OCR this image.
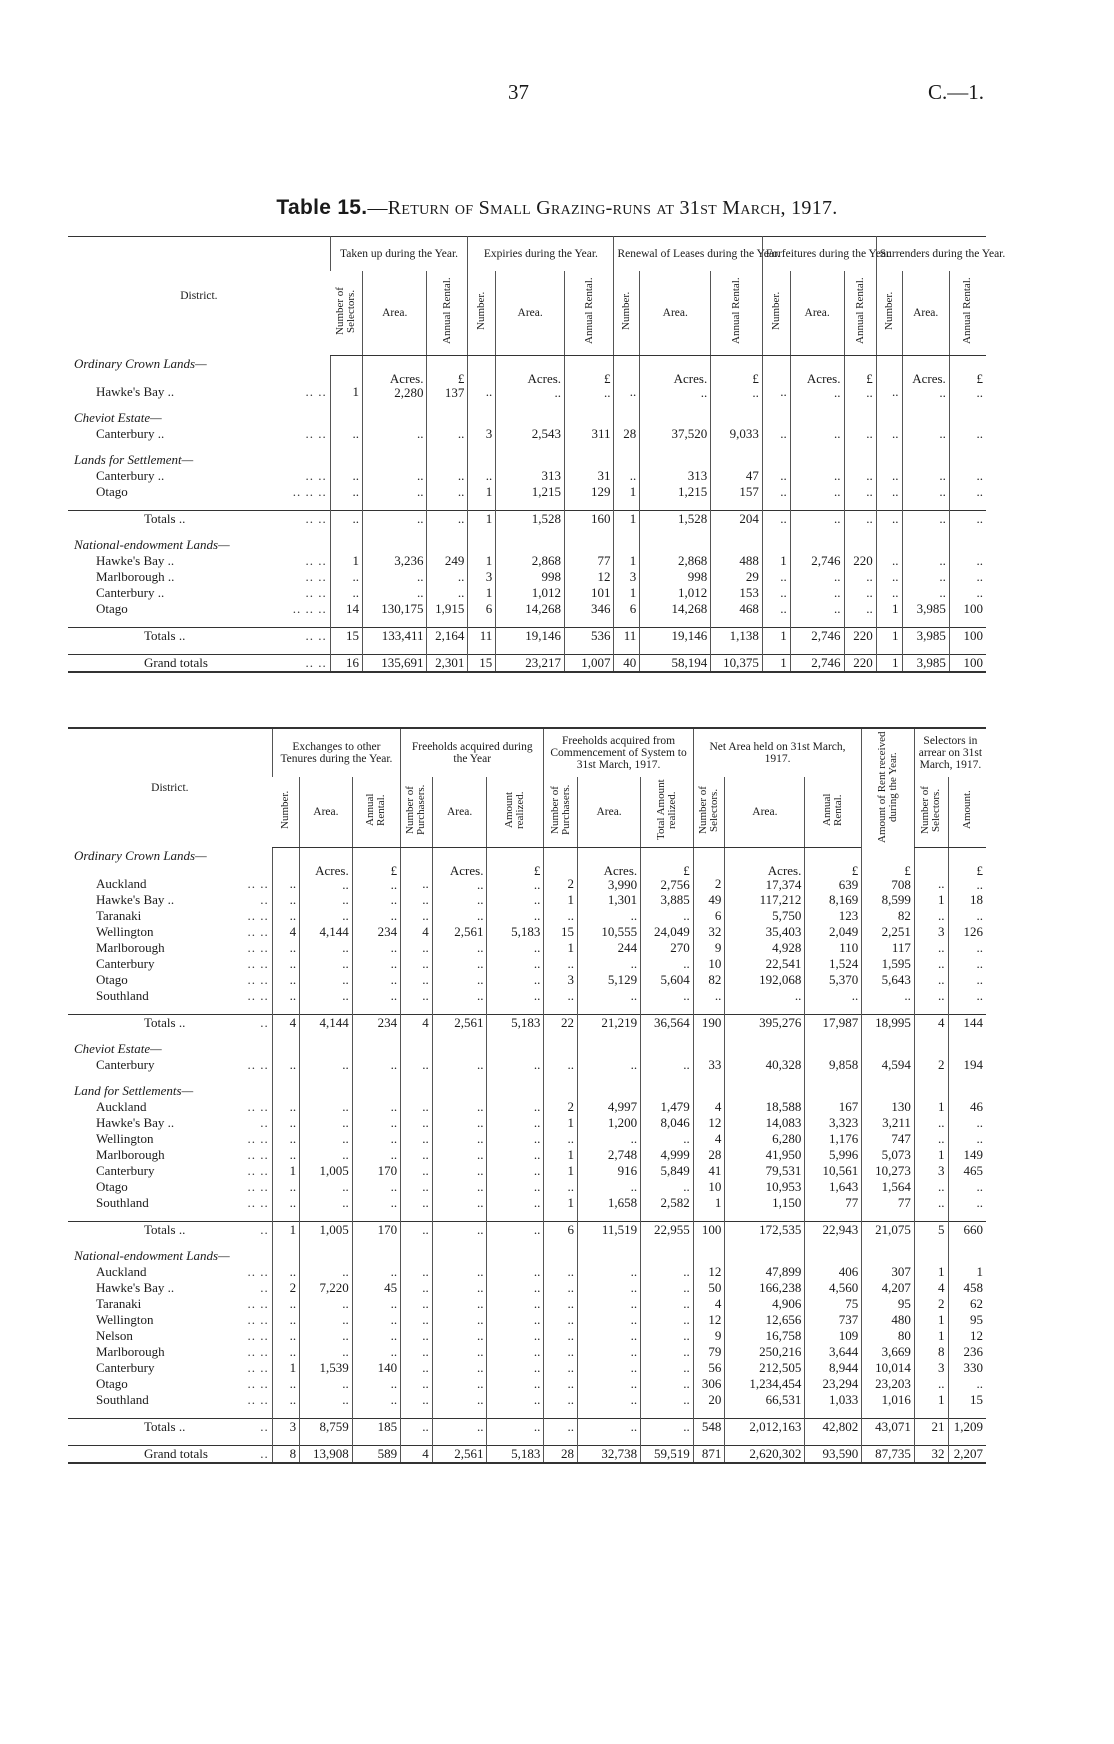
37	C.—1.
Table 15.—Return of Small Grazing-runs at 31st March, 1917.
District.	Taken up during the Year.			Expiries during the Year.			Renewal of Leases during the Year.			Forfeitures during the Year.			Surrenders during the Year.		
	Number of Selectors.	Area.	Annual Rental.	Number.	Area.	Annual Rental.	Number.	Area.	Annual Rental.	Number.	Area.	Annual Rental.	Number.	Area.	Annual Rental.
Ordinary Crown Lands—															
Hawke's Bay .. .. ..	1	Acres. 2,280	£ 137	..	Acres. ..	£ ..	..	Acres. ..	£ ..	..	Acres. ..	£ ..	..	Acres. ..	£ ..

Cheviot Estate—															
Canterbury .. .. ..	..	..	..	3	2,543	311	28	37,520	9,033	..	..	..	..	..	..

Lands for Settlement—															
Canterbury .. .. ..	..	..	..	..	313	31	..	313	47	..	..	..	..	..	..
Otago .. .. ..	..	..	..	1	1,215	129	1	1,215	157	..	..	..	..	..	..

Totals .. .. ..	..	..	..	1	1,528	160	1	1,528	204	..	..	..	..	..	..

National-endowment Lands—															
Hawke's Bay .. .. ..	1	3,236	249	1	2,868	77	1	2,868	488	1	2,746	220	..	..	..
Marlborough .. .. ..	..	..	..	3	998	12	3	998	29	..	..	..	..	..	..
Canterbury .. .. ..	..	..	..	1	1,012	101	1	1,012	153	..	..	..	..	..	..
Otago .. .. ..	14	130,175	1,915	6	14,268	346	6	14,268	468	..	..	..	1	3,985	100

Totals .. .. ..	15	133,411	2,164	11	19,146	536	11	19,146	1,138	1	2,746	220	1	3,985	100

Grand totals .. ..	16	135,691	2,301	15	23,217	1,007	40	58,194	10,375	1	2,746	220	1	3,985	100
District.	Exchanges to other Tenures during the Year.			Freeholds acquired during the Year			Freeholds acquired from Commencement of System to 31st March, 1917.			Net Area held on 31st March, 1917.			Amount of Rent received during the Year.	Selectors in arrear on 31st March, 1917.	
	Number.	Area.	Annual Rental.	Number of Purchasers.	Area.	Amount realized.	Number of Purchasers.	Area.	Total Amount realized.	Number of Selectors.	Area.	Annual Rental.		Number of Selectors.	Amount.
Ordinary Crown Lands—															
Auckland .. ..	..	Acres. ..	£ ..	..	Acres. ..	£ ..	2	Acres. 3,990	£ 2,756	2	Acres. 17,374	£ 639	£ 708	..	£ ..
Hawke's Bay .. ..	..	..	..	..	..	..	1	1,301	3,885	49	117,212	8,169	8,599	1	18
Taranaki .. ..	..	..	..	..	..	..	..	..	..	6	5,750	123	82	..	..
Wellington .. ..	4	4,144	234	4	2,561	5,183	15	10,555	24,049	32	35,403	2,049	2,251	3	126
Marlborough .. ..	..	..	..	..	..	..	1	244	270	9	4,928	110	117	..	..
Canterbury .. ..	..	..	..	..	..	..	..	..	..	10	22,541	1,524	1,595	..	..
Otago .. ..	..	..	..	..	..	..	3	5,129	5,604	82	192,068	5,370	5,643	..	..
Southland .. ..	..	..	..	..	..	..	..	..	..	..	..	..	..	..	..

Totals .. ..	4	4,144	234	4	2,561	5,183	22	21,219	36,564	190	395,276	17,987	18,995	4	144

Cheviot Estate—															
Canterbury .. ..	..	..	..	..	..	..	..	..	..	33	40,328	9,858	4,594	2	194

Land for Settlements—															
Auckland .. ..	..	..	..	..	..	..	2	4,997	1,479	4	18,588	167	130	1	46
Hawke's Bay .. ..	..	..	..	..	..	..	1	1,200	8,046	12	14,083	3,323	3,211	..	..
Wellington .. ..	..	..	..	..	..	..	..	..	..	4	6,280	1,176	747	..	..
Marlborough .. ..	..	..	..	..	..	..	1	2,748	4,999	28	41,950	5,996	5,073	1	149
Canterbury .. ..	1	1,005	170	..	..	..	1	916	5,849	41	79,531	10,561	10,273	3	465
Otago .. ..	..	..	..	..	..	..	..	..	..	10	10,953	1,643	1,564	..	..
Southland .. ..	..	..	..	..	..	..	1	1,658	2,582	1	1,150	77	77	..	..

Totals .. ..	1	1,005	170	..	..	..	6	11,519	22,955	100	172,535	22,943	21,075	5	660

National-endowment Lands—															
Auckland .. ..	..	..	..	..	..	..	..	..	..	12	47,899	406	307	1	1
Hawke's Bay .. ..	2	7,220	45	..	..	..	..	..	..	50	166,238	4,560	4,207	4	458
Taranaki .. ..	..	..	..	..	..	..	..	..	..	4	4,906	75	95	2	62
Wellington .. ..	..	..	..	..	..	..	..	..	..	12	12,656	737	480	1	95
Nelson .. ..	..	..	..	..	..	..	..	..	..	9	16,758	109	80	1	12
Marlborough .. ..	..	..	..	..	..	..	..	..	..	79	250,216	3,644	3,669	8	236
Canterbury .. ..	1	1,539	140	..	..	..	..	..	..	56	212,505	8,944	10,014	3	330
Otago .. ..	..	..	..	..	..	..	..	..	..	306	1,234,454	23,294	23,203	..	..
Southland .. ..	..	..	..	..	..	..	..	..	..	20	66,531	1,033	1,016	1	15

Totals .. ..	3	8,759	185	..	..	..	..	..	..	548	2,012,163	42,802	43,071	21	1,209

Grand totals ..	8	13,908	589	4	2,561	5,183	28	32,738	59,519	871	2,620,302	93,590	87,735	32	2,207
